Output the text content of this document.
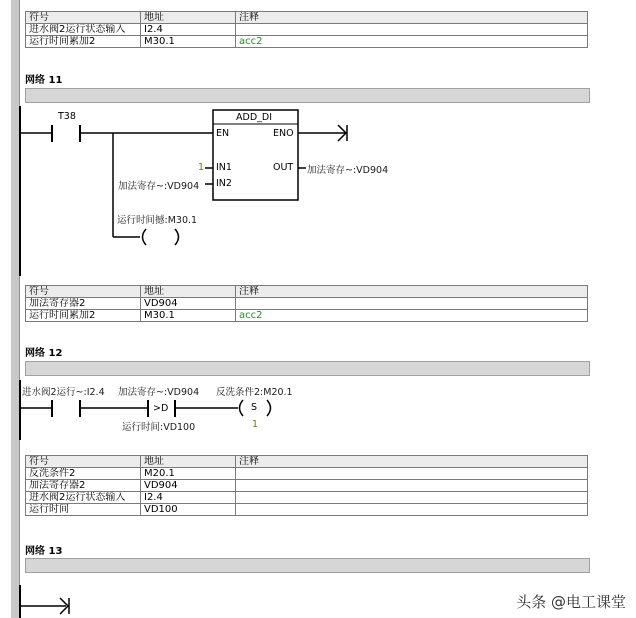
符号	地址	注释
进水阀2运行状态输入	I2.4	
运行时间累加2	M30.1	acc2
网络 11
T38	ADD_DI
EN	ENO
IN1
IN2
OUT
1
加法寄存~:VD904
加法寄存~:VD904
运行时间撼:M30.1
符号	地址	注释
加法寄存器2	VD904	
运行时间累加2	M30.1	acc2
网络 12
进水阀2运行~:I2.4 加法寄存~:VD904
>D
运行时间:VD100
反洗条件2:M20.1
S
1
符号	地址	注释
反洗条件2	M20.1	
加法寄存器2	VD904	
进水阀2运行状态输入	I2.4	
运行时间	VD100	
网络 13
头条 @电工课堂
